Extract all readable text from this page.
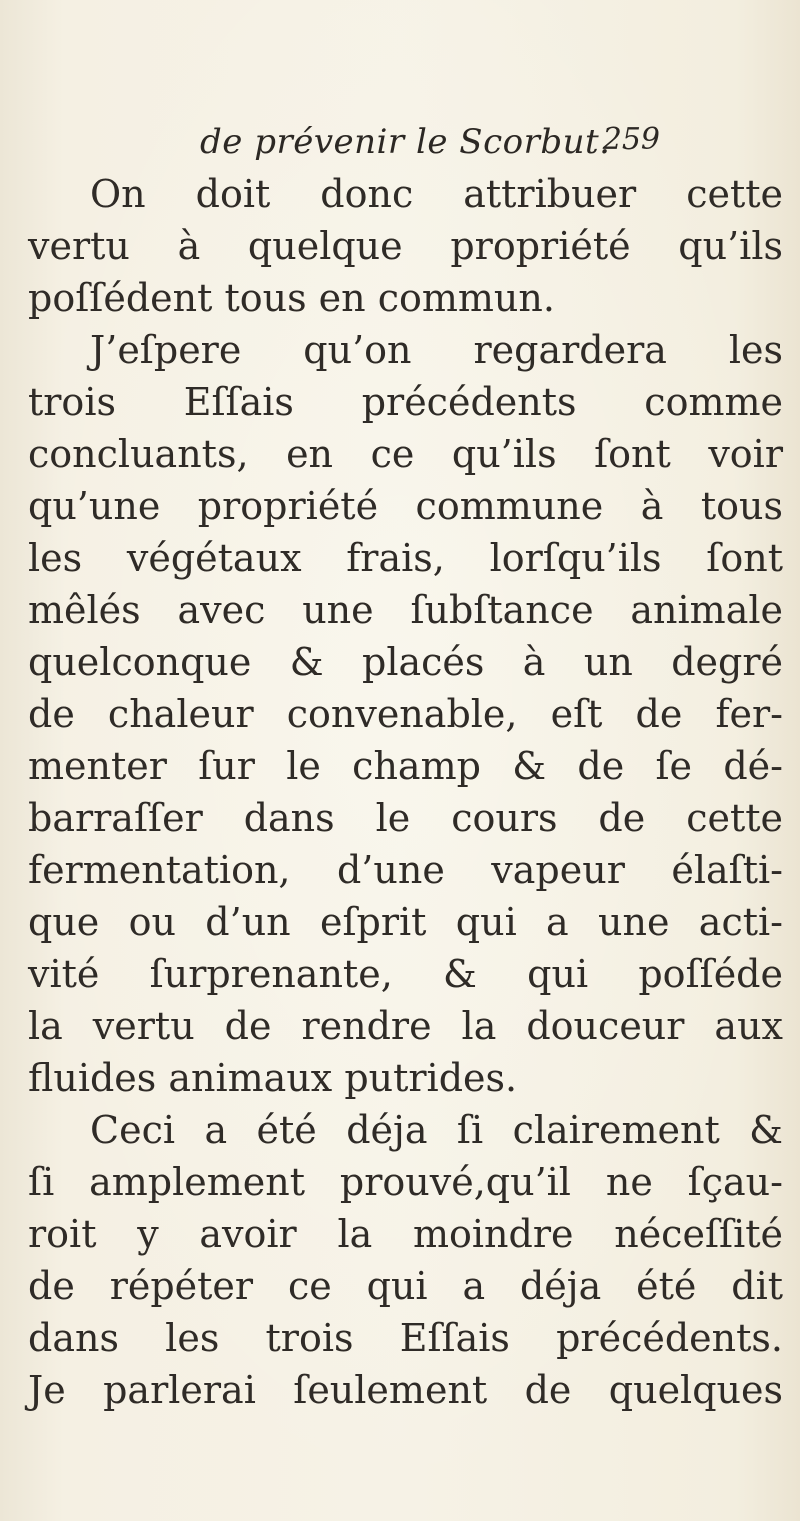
de prévenir le Scorbut.
259
On doit donc attribuer cette
vertu à quelque propriété qu’ils
poſſédent tous en commun.
J’eſpere qu’on regardera les
trois Eſſais précédents comme
concluants, en ce qu’ils ſont voir
qu’une propriété commune à tous
les végétaux frais, lorſqu’ils ſont
mêlés avec une ſubſtance animale
quelconque & placés à un degré
de chaleur convenable, eſt de fer-
menter ſur le champ & de ſe dé-
barraſſer dans le cours de cette
fermentation, d’une vapeur élaſti-
que ou d’un eſprit qui a une acti-
vité ſurprenante, & qui poſſéde
la vertu de rendre la douceur aux
fluides animaux putrides.
Ceci a été déja ſi clairement &
ſi amplement prouvé,qu’il ne ſçau-
roit y avoir la moindre néceſſité
de répéter ce qui a déja été dit
dans les trois Eſſais précédents.
Je parlerai ſeulement de quelques
